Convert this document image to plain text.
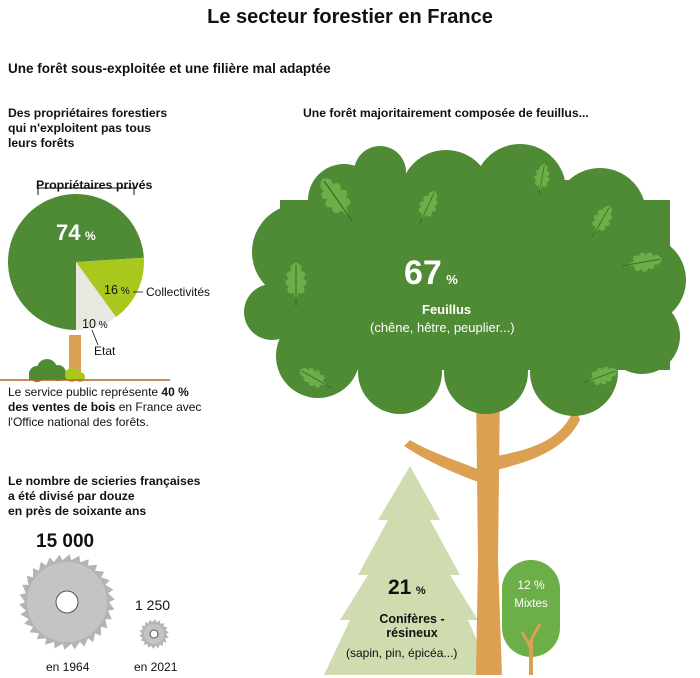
Le secteur forestier en France
Une forêt sous-exploitée et une filière mal adaptée
Des propriétaires forestiers
qui n'exploitent pas tous
leurs forêts
Une forêt majoritairement composée de feuillus...
Propriétaires privés
74 %
16 %
10 %
Collectivités
Etat
Le service public représente 40 %
des ventes de bois en France avec
l'Office national des forêts.
Le nombre de scieries françaises
a été divisé par douze
en près de soixante ans
15 000
1 250
en 1964	en 2021
67 %
Feuillus
(chêne, hêtre, peuplier...)
21 %
Conifères -
résineux
(sapin, pin, épicéa...)
12 %
Mixtes
